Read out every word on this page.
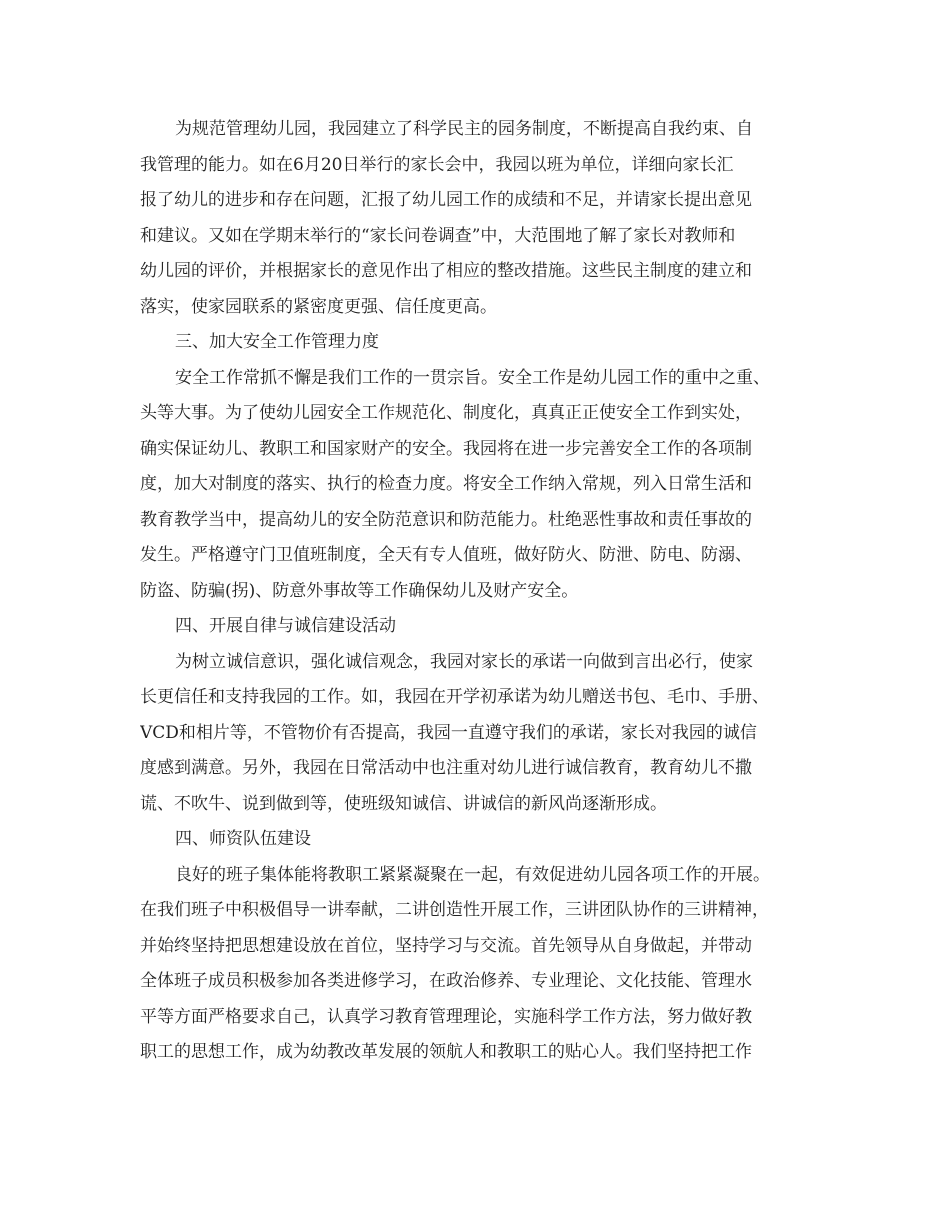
为规范管理幼儿园，我园建立了科学民主的园务制度，不断提高自我约束、自
我管理的能力。如在6月20日举行的家长会中，我园以班为单位，详细向家长汇
报了幼儿的进步和存在问题，汇报了幼儿园工作的成绩和不足，并请家长提出意见
和建议。又如在学期末举行的“家长问卷调查”中，大范围地了解了家长对教师和
幼儿园的评价，并根据家长的意见作出了相应的整改措施。这些民主制度的建立和
落实，使家园联系的紧密度更强、信任度更高。
三、加大安全工作管理力度
安全工作常抓不懈是我们工作的一贯宗旨。安全工作是幼儿园工作的重中之重、
头等大事。为了使幼儿园安全工作规范化、制度化，真真正正使安全工作到实处，
确实保证幼儿、教职工和国家财产的安全。我园将在进一步完善安全工作的各项制
度，加大对制度的落实、执行的检查力度。将安全工作纳入常规，列入日常生活和
教育教学当中，提高幼儿的安全防范意识和防范能力。杜绝恶性事故和责任事故的
发生。严格遵守门卫值班制度，全天有专人值班，做好防火、防泄、防电、防溺、
防盗、防骗(拐)、防意外事故等工作确保幼儿及财产安全。
四、开展自律与诚信建设活动
为树立诚信意识，强化诚信观念，我园对家长的承诺一向做到言出必行，使家
长更信任和支持我园的工作。如，我园在开学初承诺为幼儿赠送书包、毛巾、手册、
VCD和相片等，不管物价有否提高，我园一直遵守我们的承诺，家长对我园的诚信
度感到满意。另外，我园在日常活动中也注重对幼儿进行诚信教育，教育幼儿不撒
谎、不吹牛、说到做到等，使班级知诚信、讲诚信的新风尚逐渐形成。
四、师资队伍建设
良好的班子集体能将教职工紧紧凝聚在一起，有效促进幼儿园各项工作的开展。
在我们班子中积极倡导一讲奉献，二讲创造性开展工作，三讲团队协作的三讲精神，
并始终坚持把思想建设放在首位，坚持学习与交流。首先领导从自身做起，并带动
全体班子成员积极参加各类进修学习，在政治修养、专业理论、文化技能、管理水
平等方面严格要求自己，认真学习教育管理理论，实施科学工作方法，努力做好教
职工的思想工作，成为幼教改革发展的领航人和教职工的贴心人。我们坚持把工作
